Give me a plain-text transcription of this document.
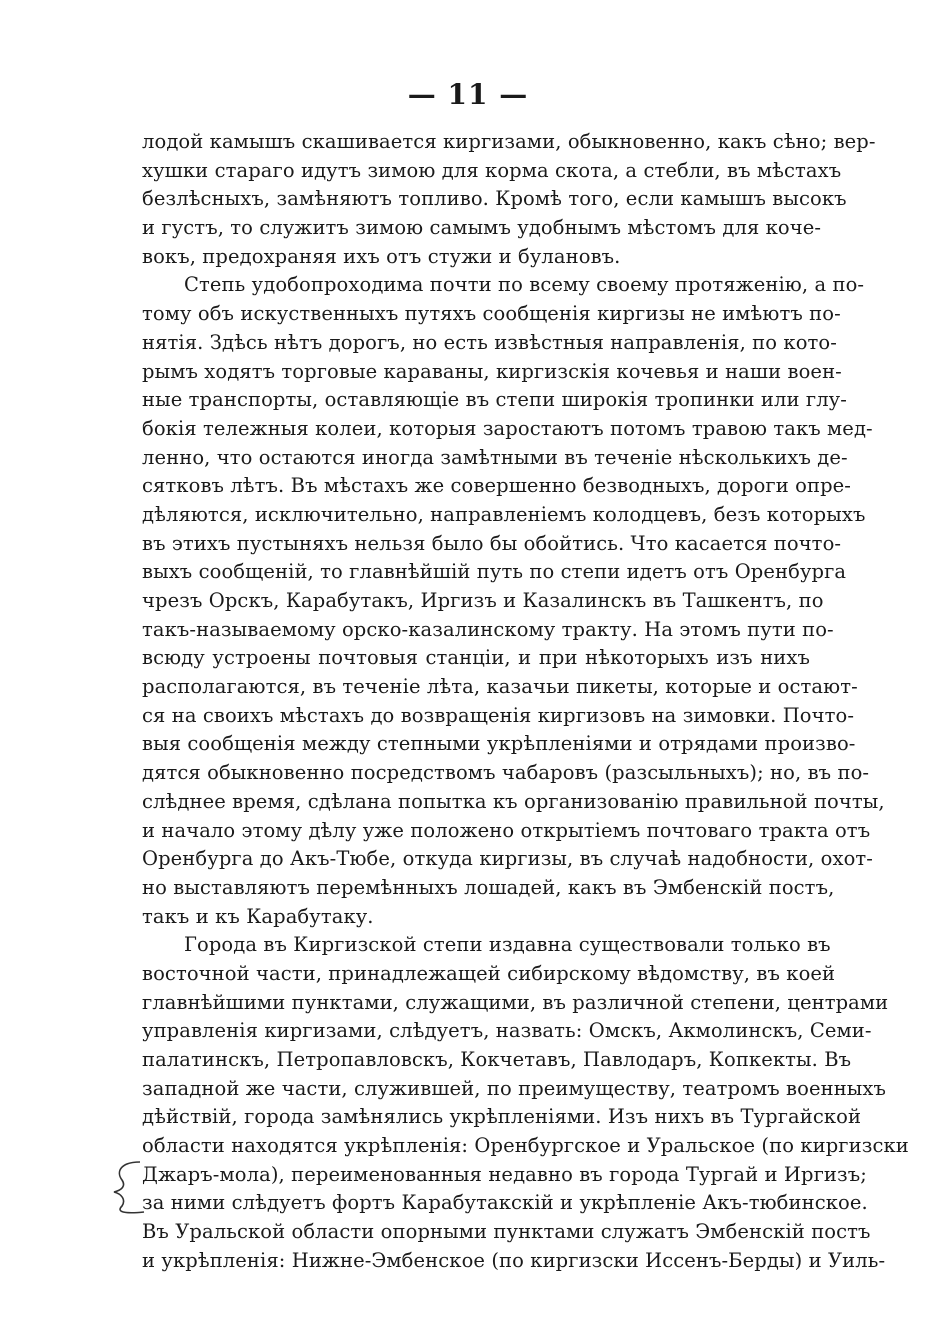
— 11 —
лодой камышъ скашивается киргизами, обыкновенно, какъ сѣно; вер-
хушки стараго идутъ зимою для корма скота, а стебли, въ мѣстахъ
безлѣсныхъ, замѣняютъ топливо. Кромѣ того, если камышъ высокъ
и густъ, то служитъ зимою самымъ удобнымъ мѣстомъ для коче-
вокъ, предохраняя ихъ отъ стужи и булановъ.
Степь удобопроходима почти по всему своему протяженію, а по-
тому объ искуственныхъ путяхъ сообщенія киргизы не имѣютъ по-
нятія. Здѣсь нѣтъ дорогъ, но есть извѣстныя направленія, по кото-
рымъ ходятъ торговые караваны, киргизскія кочевья и наши воен-
ные транспорты, оставляющіе въ степи широкія тропинки или глу-
бокія тележныя колеи, которыя заростаютъ потомъ травою такъ мед-
ленно, что остаются иногда замѣтными въ теченіе нѣсколькихъ де-
сятковъ лѣтъ. Въ мѣстахъ же совершенно безводныхъ, дороги опре-
дѣляются, исключительно, направленіемъ колодцевъ, безъ которыхъ
въ этихъ пустыняхъ нельзя было бы обойтись. Что касается почто-
выхъ сообщеній, то главнѣйшій путь по степи идетъ отъ Оренбурга
чрезъ Орскъ, Карабутакъ, Иргизъ и Казалинскъ въ Ташкентъ, по
такъ-называемому орско-казалинскому тракту. На этомъ пути по-
всюду устроены почтовыя станціи, и при нѣкоторыхъ изъ нихъ
располагаются, въ теченіе лѣта, казачьи пикеты, которые и остают-
ся на своихъ мѣстахъ до возвращенія киргизовъ на зимовки. Почто-
выя сообщенія между степными укрѣпленіями и отрядами произво-
дятся обыкновенно посредствомъ чабаровъ (разсыльныхъ); но, въ по-
слѣднее время, сдѣлана попытка къ организованію правильной почты,
и начало этому дѣлу уже положено открытіемъ почтоваго тракта отъ
Оренбурга до Акъ-Тюбе, откуда киргизы, въ случаѣ надобности, охот-
но выставляютъ перемѣнныхъ лошадей, какъ въ Эмбенскій постъ,
такъ и къ Карабутаку.
Города въ Киргизской степи издавна существовали только въ
восточной части, принадлежащей сибирскому вѣдомству, въ коей
главнѣйшими пунктами, служащими, въ различной степени, центрами
управленія киргизами, слѣдуетъ, назвать: Омскъ, Акмолинскъ, Семи-
палатинскъ, Петропавловскъ, Кокчетавъ, Павлодаръ, Копкекты. Въ
западной же части, служившей, по преимуществу, театромъ военныхъ
дѣйствій, города замѣнялись укрѣпленіями. Изъ нихъ въ Тургайской
области находятся укрѣпленія: Оренбургское и Уральское (по киргизски
Джаръ-мола), переименованныя недавно въ города Тургай и Иргизъ;
за ними слѣдуетъ фортъ Карабутакскій и укрѣпленіе Акъ-тюбинское.
Въ Уральской области опорными пунктами служатъ Эмбенскій постъ
и укрѣпленія: Нижне-Эмбенское (по киргизски Иссенъ-Берды) и Уиль-
